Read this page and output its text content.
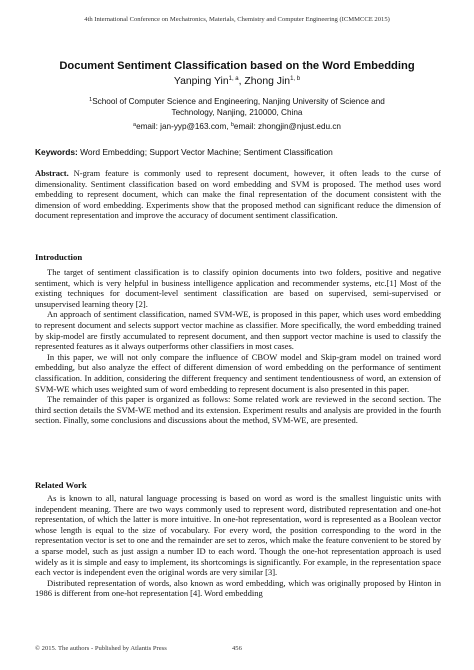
4th International Conference on Mechatronics, Materials, Chemistry and Computer Engineering (ICMMCCE 2015)
Document Sentiment Classification based on the Word Embedding
Yanping Yin$^{1, a}$, Zhong Jin$^{1, b}$
$^1$School of Computer Science and Engineering, Nanjing University of Science and Technology, Nanjing, 210000, China
$^a$email: jan-yyp@163.com, $^b$email: zhongjin@njust.edu.cn
Keywords: Word Embedding; Support Vector Machine; Sentiment Classification
Abstract. N-gram feature is commonly used to represent document, however, it often leads to the curse of dimensionality. Sentiment classification based on word embedding and SVM is proposed. The method uses word embedding to represent document, which can make the final representation of the document consistent with the dimension of word embedding. Experiments show that the proposed method can significant reduce the dimension of document representation and improve the accuracy of document sentiment classification.
Introduction

The target of sentiment classification is to classify opinion documents into two folders, positive and negative sentiment, which is very helpful in business intelligence application and recommender systems, etc.[1] Most of the existing techniques for document-level sentiment classification are based on supervised, semi-supervised or unsupervised learning theory [2].

An approach of sentiment classification, named SVM-WE, is proposed in this paper, which uses word embedding to represent document and selects support vector machine as classifier. More specifically, the word embedding trained by skip-model are firstly accumulated to represent document, and then support vector machine is used to classify the represented features as it always outperforms other classifiers in most cases.

In this paper, we will not only compare the influence of CBOW model and Skip-gram model on trained word embedding, but also analyze the effect of different dimension of word embedding on the performance of sentiment classification. In addition, considering the different frequency and sentiment tendentiousness of word, an extension of SVM-WE which uses weighted sum of word embedding to represent document is also presented in this paper.

The remainder of this paper is organized as follows: Some related work are reviewed in the second section. The third section details the SVM-WE method and its extension. Experiment results and analysis are provided in the fourth section. Finally, some conclusions and discussions about the method, SVM-WE, are presented.

Related Work

As is known to all, natural language processing is based on word as word is the smallest linguistic units with independent meaning. There are two ways commonly used to represent word, distributed representation and one-hot representation, of which the latter is more intuitive. In one-hot representation, word is represented as a Boolean vector whose length is equal to the size of vocabulary. For every word, the position corresponding to the word in the representation vector is set to one and the remainder are set to zeros, which make the feature convenient to be stored by a sparse model, such as just assign a number ID to each word. Though the one-hot representation approach is used widely as it is simple and easy to implement, its shortcomings is significantly. For example, in the representation space each vector is independent even the original words are very similar [3].

Distributed representation of words, also known as word embedding, which was originally proposed by Hinton in 1986 is different from one-hot representation [4]. Word embedding

© 2015. The authors - Published by Atlantis Press	456
